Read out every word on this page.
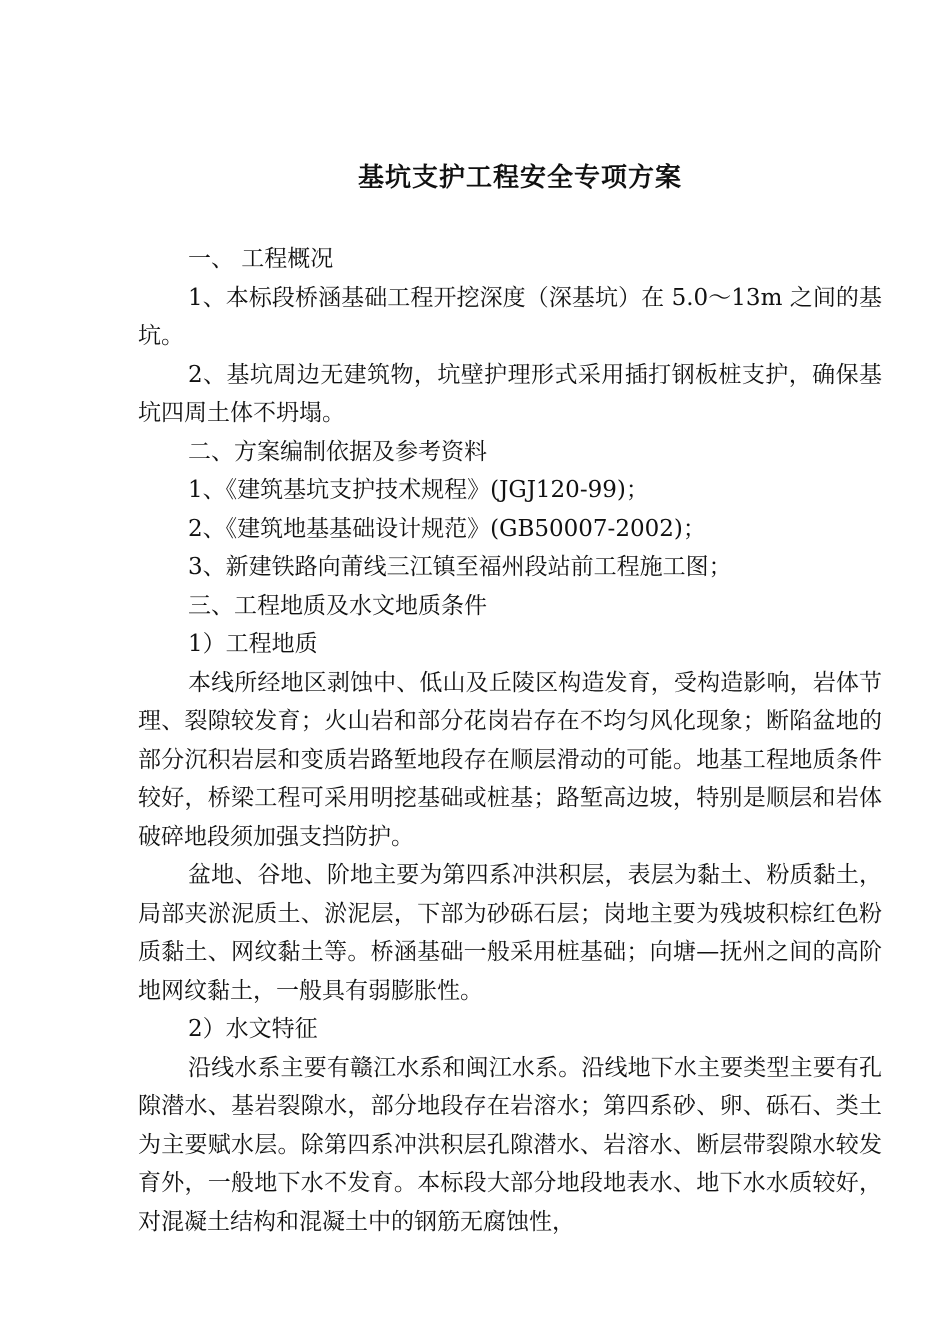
基坑支护工程安全专项方案

一、 工程概况

1、本标段桥涵基础工程开挖深度（深基坑）在 5.0～13m 之间的基坑。

2、基坑周边无建筑物，坑壁护理形式采用插打钢板桩支护，确保基坑四周土体不坍塌。

二、方案编制依据及参考资料

1、《建筑基坑支护技术规程》(JGJ120-99)；

2、《建筑地基基础设计规范》(GB50007-2002)；

3、新建铁路向莆线三江镇至福州段站前工程施工图；

三、工程地质及水文地质条件

1）工程地质

本线所经地区剥蚀中、低山及丘陵区构造发育，受构造影响，岩体节理、裂隙较发育；火山岩和部分花岗岩存在不均匀风化现象；断陷盆地的部分沉积岩层和变质岩路堑地段存在顺层滑动的可能。地基工程地质条件较好，桥梁工程可采用明挖基础或桩基；路堑高边坡，特别是顺层和岩体破碎地段须加强支挡防护。

盆地、谷地、阶地主要为第四系冲洪积层，表层为黏土、粉质黏土，局部夹淤泥质土、淤泥层，下部为砂砾石层；岗地主要为残坡积棕红色粉质黏土、网纹黏土等。桥涵基础一般采用桩基础；向塘—抚州之间的高阶地网纹黏土，一般具有弱膨胀性。

2）水文特征

沿线水系主要有赣江水系和闽江水系。沿线地下水主要类型主要有孔隙潜水、基岩裂隙水，部分地段存在岩溶水；第四系砂、卵、砾石、类土为主要赋水层。除第四系冲洪积层孔隙潜水、岩溶水、断层带裂隙水较发育外，一般地下水不发育。本标段大部分地段地表水、地下水水质较好，对混凝土结构和混凝土中的钢筋无腐蚀性，
